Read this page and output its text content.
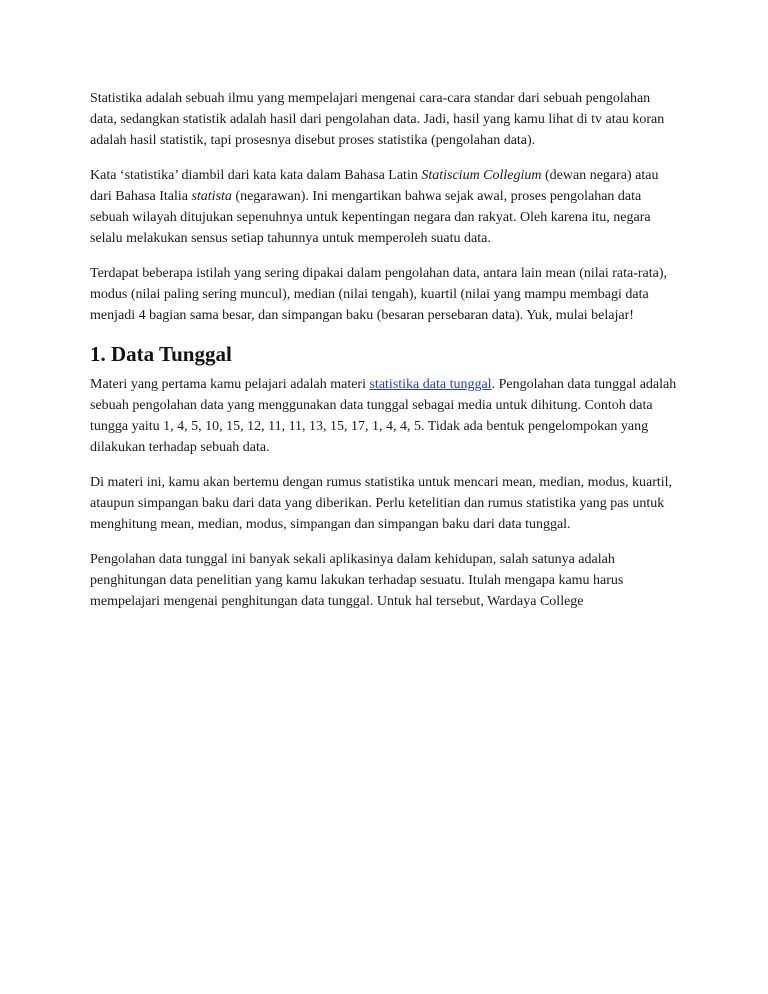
Statistika adalah sebuah ilmu yang mempelajari mengenai cara-cara standar dari sebuah pengolahan data, sedangkan statistik adalah hasil dari pengolahan data. Jadi, hasil yang kamu lihat di tv atau koran adalah hasil statistik, tapi prosesnya disebut proses statistika (pengolahan data).

Kata ‘statistika’ diambil dari kata kata dalam Bahasa Latin Statiscium Collegium (dewan negara) atau dari Bahasa Italia statista (negarawan). Ini mengartikan bahwa sejak awal, proses pengolahan data sebuah wilayah ditujukan sepenuhnya untuk kepentingan negara dan rakyat. Oleh karena itu, negara selalu melakukan sensus setiap tahunnya untuk memperoleh suatu data.

Terdapat beberapa istilah yang sering dipakai dalam pengolahan data, antara lain mean (nilai rata-rata), modus (nilai paling sering muncul), median (nilai tengah), kuartil (nilai yang mampu membagi data menjadi 4 bagian sama besar, dan simpangan baku (besaran persebaran data). Yuk, mulai belajar!

1. Data Tunggal

Materi yang pertama kamu pelajari adalah materi statistika data tunggal. Pengolahan data tunggal adalah sebuah pengolahan data yang menggunakan data tunggal sebagai media untuk dihitung. Contoh data tungga yaitu 1, 4, 5, 10, 15, 12, 11, 11, 13, 15, 17, 1, 4, 4, 5. Tidak ada bentuk pengelompokan yang dilakukan terhadap sebuah data.

Di materi ini, kamu akan bertemu dengan rumus statistika untuk mencari mean, median, modus, kuartil, ataupun simpangan baku dari data yang diberikan. Perlu ketelitian dan rumus statistika yang pas untuk menghitung mean, median, modus, simpangan dan simpangan baku dari data tunggal.

Pengolahan data tunggal ini banyak sekali aplikasinya dalam kehidupan, salah satunya adalah penghitungan data penelitian yang kamu lakukan terhadap sesuatu. Itulah mengapa kamu harus mempelajari mengenai penghitungan data tunggal. Untuk hal tersebut, Wardaya College
